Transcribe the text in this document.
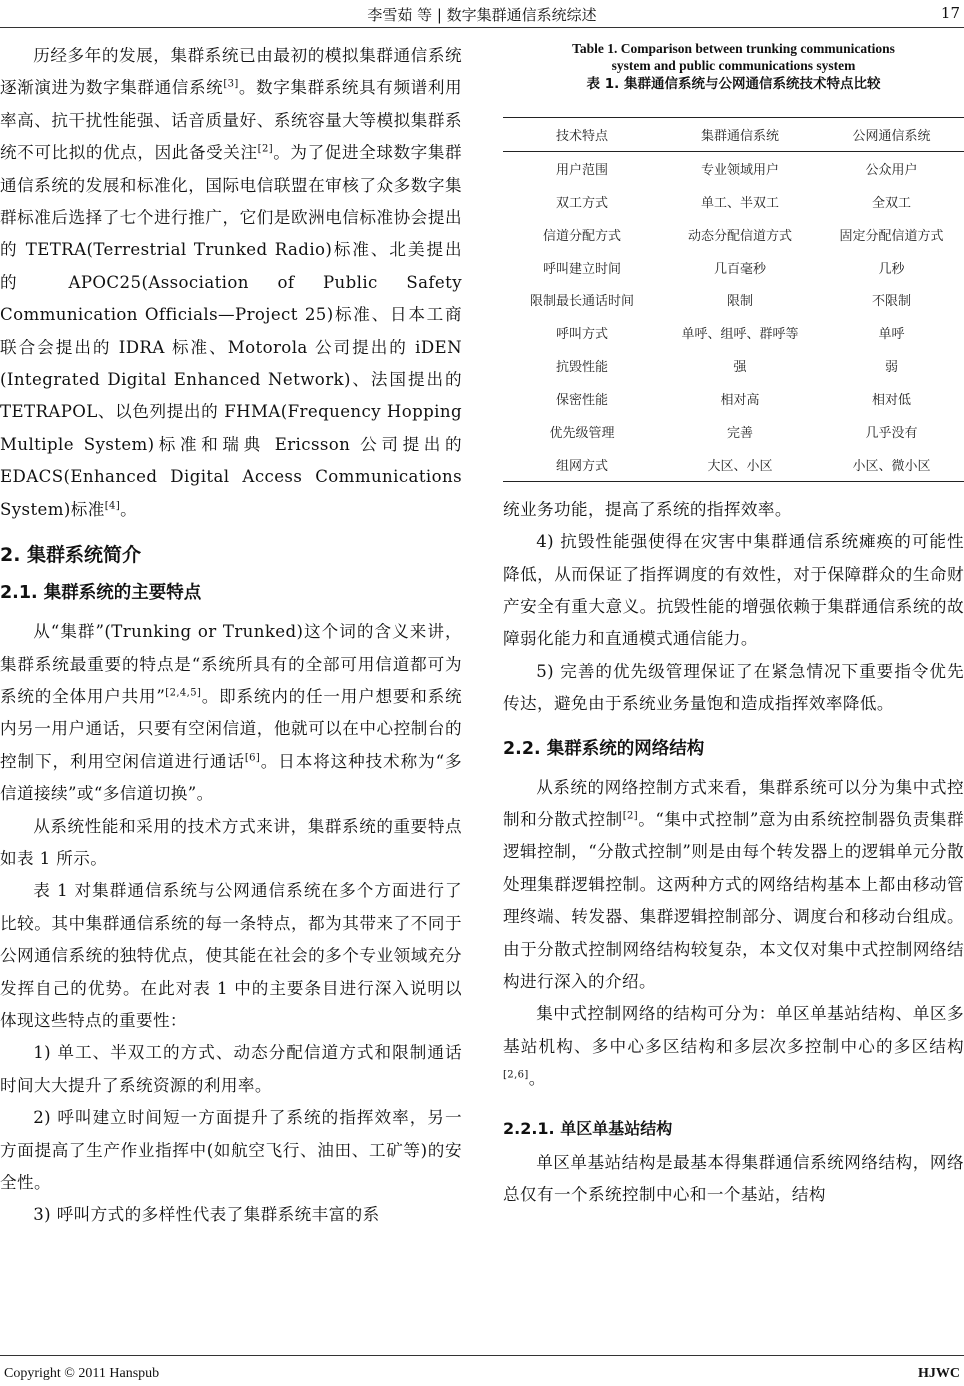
李雪茹 等 | 数字集群通信系统综述	17

历经多年的发展，集群系统已由最初的模拟集群通信系统逐渐演进为数字集群通信系统[3]。数字集群系统具有频谱利用率高、抗干扰性能强、话音质量好、系统容量大等模拟集群系统不可比拟的优点，因此备受关注[2]。为了促进全球数字集群通信系统的发展和标准化，国际电信联盟在审核了众多数字集群标准后选择了七个进行推广，它们是欧洲电信标准协会提出的 TETRA(Terrestrial Trunked Radio)标准、北美提出的 APOC25(Association of Public Safety Communication Officials—Project 25)标准、日本工商联合会提出的 IDRA 标准、Motorola 公司提出的 iDEN (Integrated Digital Enhanced Network)、法国提出的 TETRAPOL、以色列提出的 FHMA(Frequency Hopping Multiple System)标准和瑞典 Ericsson 公司提出的 EDACS(Enhanced Digital Access Communications System)标准[4]。

2. 集群系统简介
2.1. 集群系统的主要特点

从“集群”(Trunking or Trunked)这个词的含义来讲，集群系统最重要的特点是“系统所具有的全部可用信道都可为系统的全体用户共用”[2,4,5]。即系统内的任一用户想要和系统内另一用户通话，只要有空闲信道，他就可以在中心控制台的控制下，利用空闲信道进行通话[6]。日本将这种技术称为“多信道接续”或“多信道切换”。

从系统性能和采用的技术方式来讲，集群系统的重要特点如表 1 所示。

表 1 对集群通信系统与公网通信系统在多个方面进行了比较。其中集群通信系统的每一条特点，都为其带来了不同于公网通信系统的独特优点，使其能在社会的多个专业领域充分发挥自己的优势。在此对表 1 中的主要条目进行深入说明以体现这些特点的重要性：

1) 单工、半双工的方式、动态分配信道方式和限制通话时间大大提升了系统资源的利用率。

2) 呼叫建立时间短一方面提升了系统的指挥效率，另一方面提高了生产作业指挥中(如航空飞行、油田、工矿等)的安全性。

3) 呼叫方式的多样性代表了集群系统丰富的系

Table 1. Comparison between trunking communications system and public communications system
表 1. 集群通信系统与公网通信系统技术特点比较
技术特点	集群通信系统	公网通信系统
用户范围	专业领域用户	公众用户
双工方式	单工、半双工	全双工
信道分配方式	动态分配信道方式	固定分配信道方式
呼叫建立时间	几百毫秒	几秒
限制最长通话时间	限制	不限制
呼叫方式	单呼、组呼、群呼等	单呼
抗毁性能	强	弱
保密性能	相对高	相对低
优先级管理	完善	几乎没有
组网方式	大区、小区	小区、微小区

统业务功能，提高了系统的指挥效率。

4) 抗毁性能强使得在灾害中集群通信系统瘫痪的可能性降低，从而保证了指挥调度的有效性，对于保障群众的生命财产安全有重大意义。抗毁性能的增强依赖于集群通信系统的故障弱化能力和直通模式通信能力。

5) 完善的优先级管理保证了在紧急情况下重要指令优先传达，避免由于系统业务量饱和造成指挥效率降低。

2.2. 集群系统的网络结构

从系统的网络控制方式来看，集群系统可以分为集中式控制和分散式控制[2]。“集中式控制”意为由系统控制器负责集群逻辑控制，“分散式控制”则是由每个转发器上的逻辑单元分散处理集群逻辑控制。这两种方式的网络结构基本上都由移动管理终端、转发器、集群逻辑控制部分、调度台和移动台组成。由于分散式控制网络结构较复杂，本文仅对集中式控制网络结构进行深入的介绍。

集中式控制网络的结构可分为：单区单基站结构、单区多基站机构、多中心多区结构和多层次多控制中心的多区结构[2,6]。

2.2.1. 单区单基站结构

单区单基站结构是最基本得集群通信系统网络结构，网络总仅有一个系统控制中心和一个基站，结构

Copyright © 2011 Hanspub	HJWC
